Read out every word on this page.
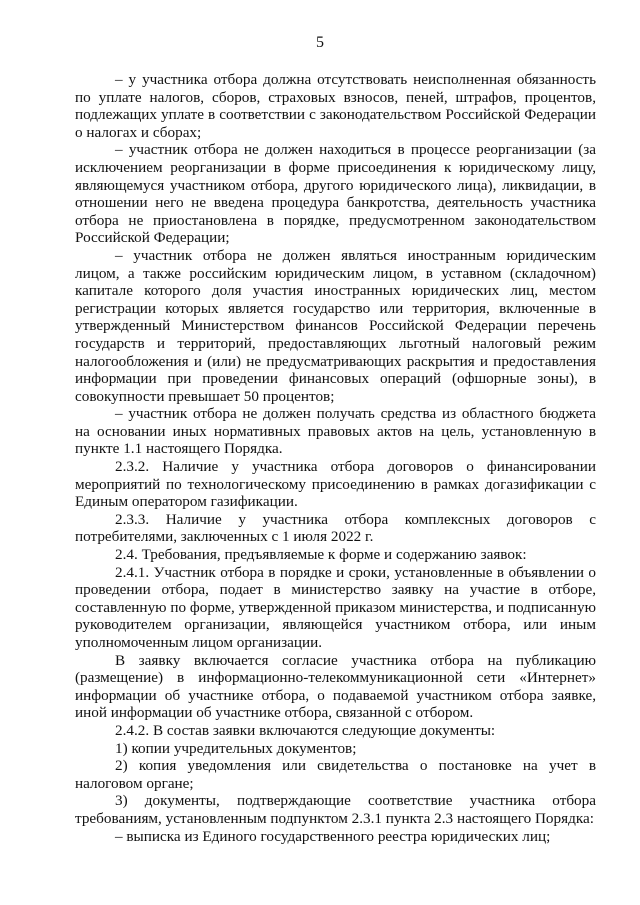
5

– у участника отбора должна отсутствовать неисполненная обязанность по уплате налогов, сборов, страховых взносов, пеней, штрафов, процентов, подлежащих уплате в соответствии с законодательством Российской Федерации о налогах и сборах;

– участник отбора не должен находиться в процессе реорганизации (за исключением реорганизации в форме присоединения к юридическому лицу, являющемуся участником отбора, другого юридического лица), ликвидации, в отношении него не введена процедура банкротства, деятельность участника отбора не приостановлена в порядке, предусмотренном законодательством Российской Федерации;

– участник отбора не должен являться иностранным юридическим лицом, а также российским юридическим лицом, в уставном (складочном) капитале которого доля участия иностранных юридических лиц, местом регистрации которых является государство или территория, включенные в утвержденный Министерством финансов Российской Федерации перечень государств и территорий, предоставляющих льготный налоговый режим налогообложения и (или) не предусматривающих раскрытия и предоставления информации при проведении финансовых операций (офшорные зоны), в совокупности превышает 50 процентов;

– участник отбора не должен получать средства из областного бюджета на основании иных нормативных правовых актов на цель, установленную в пункте 1.1 настоящего Порядка.

2.3.2. Наличие у участника отбора договоров о финансировании мероприятий по технологическому присоединению в рамках догазификации с Единым оператором газификации.

2.3.3. Наличие у участника отбора комплексных договоров с потребителями, заключенных с 1 июля 2022 г.

2.4. Требования, предъявляемые к форме и содержанию заявок:

2.4.1. Участник отбора в порядке и сроки, установленные в объявлении о проведении отбора, подает в министерство заявку на участие в отборе, составленную по форме, утвержденной приказом министерства, и подписанную руководителем организации, являющейся участником отбора, или иным уполномоченным лицом организации.

В заявку включается согласие участника отбора на публикацию (размещение) в информационно-телекоммуникационной сети «Интернет» информации об участнике отбора, о подаваемой участником отбора заявке, иной информации об участнике отбора, связанной с отбором.

2.4.2. В состав заявки включаются следующие документы:

1) копии учредительных документов;

2) копия уведомления или свидетельства о постановке на учет в налоговом органе;

3) документы, подтверждающие соответствие участника отбора требованиям, установленным подпунктом 2.3.1 пункта 2.3 настоящего Порядка:

– выписка из Единого государственного реестра юридических лиц;
